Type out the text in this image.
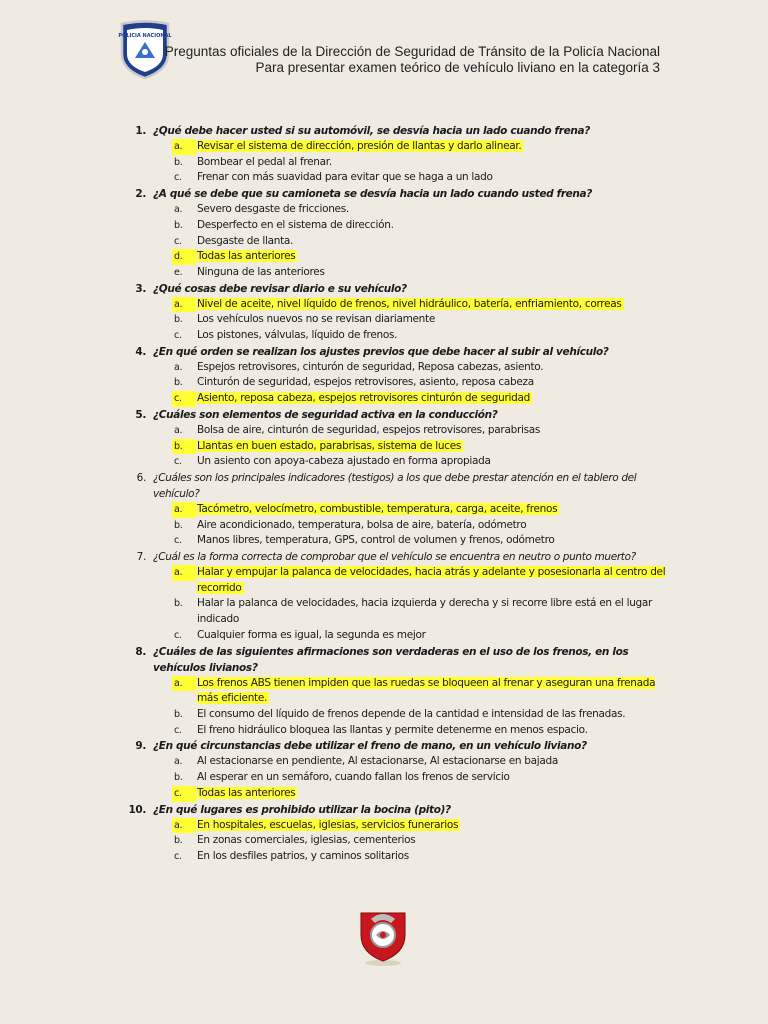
POLICIA NACIONAL
Preguntas oficiales de la Dirección de Seguridad de Tránsito de la Policía Nacional
Para presentar examen teórico de vehículo liviano en la categoría 3
1. ¿Qué debe hacer usted si su automóvil, se desvía hacia un lado cuando frena?
a.	Revisar el sistema de dirección, presión de llantas y darlo alinear.
b. Bombear el pedal al frenar.
c. Frenar con más suavidad para evitar que se haga a un lado
2. ¿A qué se debe que su camioneta se desvía hacia un lado cuando usted frena?
a. Severo desgaste de fricciones.
b. Desperfecto en el sistema de dirección.
c. Desgaste de llanta.
d.	Todas las anteriores
e. Ninguna de las anteriores
3. ¿Qué cosas debe revisar diario e su vehículo?
a.	Nivel de aceite, nivel líquido de frenos, nivel hidráulico, batería, enfriamiento, correas
b. Los vehículos nuevos no se revisan diariamente
c. Los pistones, válvulas, líquido de frenos.
4. ¿En qué orden se realizan los ajustes previos que debe hacer al subir al vehículo?
a. Espejos retrovisores, cinturón de seguridad, Reposa cabezas, asiento.
b. Cinturón de seguridad, espejos retrovisores, asiento, reposa cabeza
c.	Asiento, reposa cabeza, espejos retrovisores cinturón de seguridad
5. ¿Cuáles son elementos de seguridad activa en la conducción?
a. Bolsa de aire, cinturón de seguridad, espejos retrovisores, parabrisas
b.	Llantas en buen estado, parabrisas, sistema de luces
c. Un asiento con apoya-cabeza ajustado en forma apropiada
6. ¿Cuáles son los principales indicadores (testigos) a los que debe prestar atención en el tablero del vehículo?
a.	Tacómetro, velocímetro, combustible, temperatura, carga, aceite, frenos
b. Aire acondicionado, temperatura, bolsa de aire, batería, odómetro
c. Manos libres, temperatura, GPS, control de volumen y frenos, odómetro
7. ¿Cuál es la forma correcta de comprobar que el vehículo se encuentra en neutro o punto muerto?
a.	Halar y empujar la palanca de velocidades, hacia atrás y adelante y posesionarla al centro del recorrido
b. Halar la palanca de velocidades, hacia izquierda y derecha y si recorre libre está en el lugar indicado
c. Cualquier forma es igual, la segunda es mejor
8. ¿Cuáles de las siguientes afirmaciones son verdaderas en el uso de los frenos, en los vehículos livianos?
a.	Los frenos ABS tienen impiden que las ruedas se bloqueen al frenar y aseguran una frenada más eficiente.
b. El consumo del líquido de frenos depende de la cantidad e intensidad de las frenadas.
c. El freno hidráulico bloquea las llantas y permite detenerme en menos espacio.
9. ¿En qué circunstancias debe utilizar el freno de mano, en un vehículo liviano?
a. Al estacionarse en pendiente, Al estacionarse, Al estacionarse en bajada
b. Al esperar en un semáforo, cuando fallan los frenos de servicio
c.	Todas las anteriores
10. ¿En qué lugares es prohibido utilizar la bocina (pito)?
a.	En hospitales, escuelas, iglesias, servicios funerarios
b. En zonas comerciales, iglesias, cementerios
c. En los desfiles patrios, y caminos solitarios
